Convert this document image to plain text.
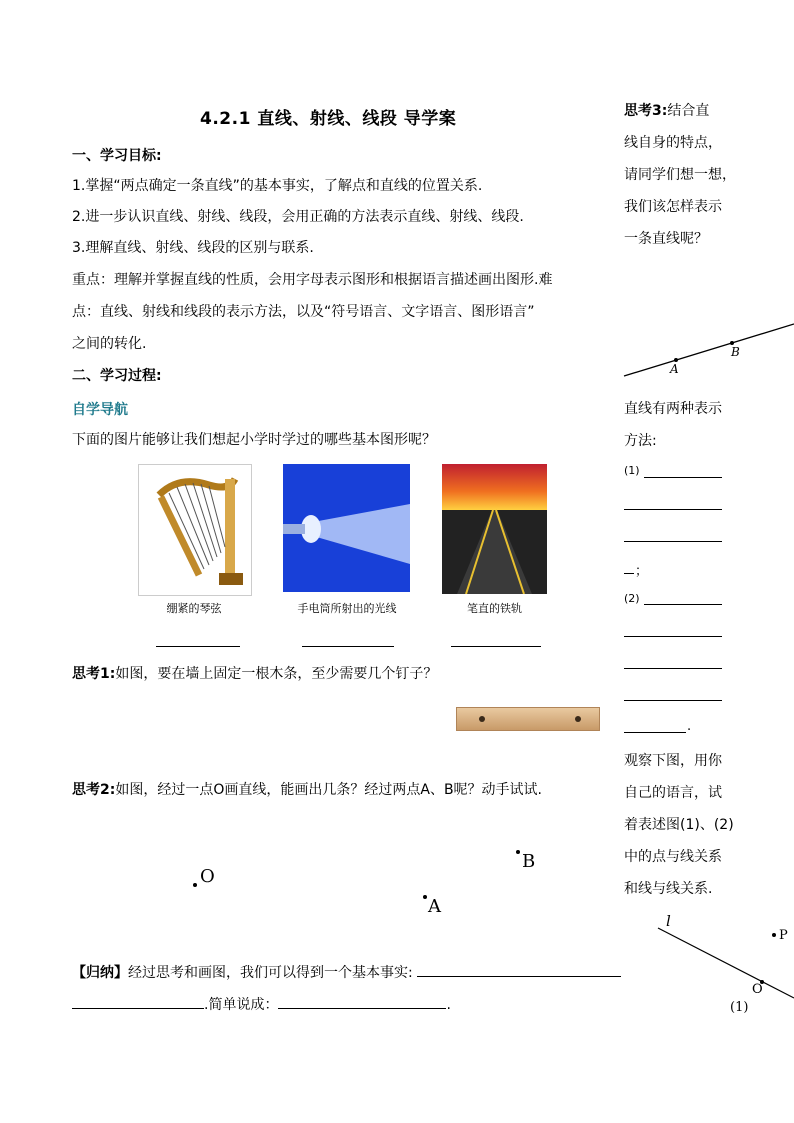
4.2.1 直线、射线、线段 导学案
一、学习目标:
1.掌握“两点确定一条直线”的基本事实，了解点和直线的位置关系.
2.进一步认识直线、射线、线段，会用正确的方法表示直线、射线、线段.
3.理解直线、射线、线段的区别与联系.
重点：理解并掌握直线的性质，会用字母表示图形和根据语言描述画出图形.难
点：直线、射线和线段的表示方法，以及“符号语言、文字语言、图形语言”
之间的转化.
二、学习过程:
自学导航
下面的图片能够让我们想起小学时学过的哪些基本图形呢？
绷紧的琴弦	手电筒所射出的光线	笔直的铁轨
思考1:如图，要在墙上固定一根木条，至少需要几个钉子？
思考2:如图，经过一点O画直线，能画出几条？经过两点A、B呢？动手试试.
O
A
B
【归纳】经过思考和画图，我们可以得到一个基本事实:
.简单说成：	.
思考3:结合直
线自身的特点，
请同学们想一想，
我们该怎样表示
一条直线呢？
A
B
直线有两种表示
方法:
(1)
；
(2)
.
观察下图，用你
自己的语言，试
着表述图(1)、(2)
中的点与线关系
和线与线关系.
l
P
O
(1)
